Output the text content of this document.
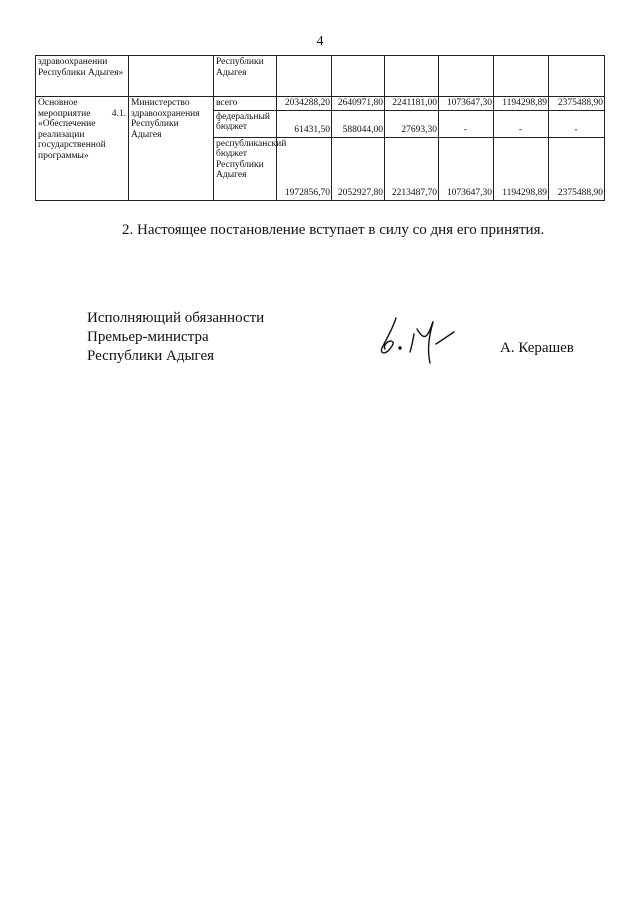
4
здравоохранении Республики Адыгея»		Республики Адыгея						
Основное мероприятие 4.1. «Обеспечение реализации государственной программы»	Министерство здравоохранения Республики Адыгея	всего	2034288,20	2640971,80	2241181,00	1073647,30	1194298,89	2375488,90
		федеральный бюджет	61431,50	588044,00	27693,30	-	-	-
		республиканский бюджет Республики Адыгея	1972856,70	2052927,80	2213487,70	1073647,30	1194298,89	2375488,90
2. Настоящее постановление вступает в силу со дня его принятия.
Исполняющий обязанности
Премьер-министра
Республики Адыгея	А. Керашев
